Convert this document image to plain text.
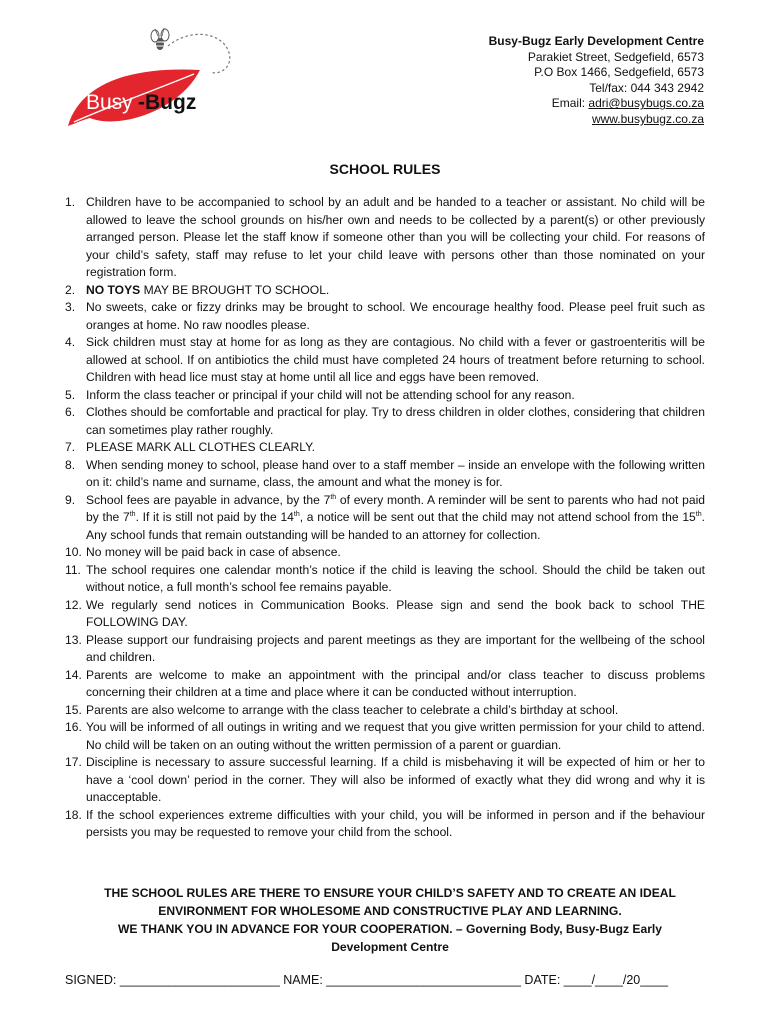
Busy -Bugz
Busy-Bugz Early Development Centre
Parakiet Street, Sedgefield, 6573
P.O Box 1466, Sedgefield, 6573
Tel/fax: 044 343 2942
Email: adri@busybugs.co.za
www.busybugz.co.za
SCHOOL RULES
1. Children have to be accompanied to school by an adult and be handed to a teacher or assistant. No child will be allowed to leave the school grounds on his/her own and needs to be collected by a parent(s) or other previously arranged person. Please let the staff know if someone other than you will be collecting your child. For reasons of your child’s safety, staff may refuse to let your child leave with persons other than those nominated on your registration form.
2. NO TOYS MAY BE BROUGHT TO SCHOOL.
3. No sweets, cake or fizzy drinks may be brought to school. We encourage healthy food. Please peel fruit such as oranges at home. No raw noodles please.
4. Sick children must stay at home for as long as they are contagious. No child with a fever or gastroenteritis will be allowed at school. If on antibiotics the child must have completed 24 hours of treatment before returning to school. Children with head lice must stay at home until all lice and eggs have been removed.
5. Inform the class teacher or principal if your child will not be attending school for any reason.
6. Clothes should be comfortable and practical for play. Try to dress children in older clothes, considering that children can sometimes play rather roughly.
7. PLEASE MARK ALL CLOTHES CLEARLY.
8. When sending money to school, please hand over to a staff member – inside an envelope with the following written on it: child’s name and surname, class, the amount and what the money is for.
9. School fees are payable in advance, by the 7th of every month. A reminder will be sent to parents who had not paid by the 7th. If it is still not paid by the 14th, a notice will be sent out that the child may not attend school from the 15th. Any school funds that remain outstanding will be handed to an attorney for collection.
10. No money will be paid back in case of absence.
11. The school requires one calendar month’s notice if the child is leaving the school. Should the child be taken out without notice, a full month’s school fee remains payable.
12. We regularly send notices in Communication Books. Please sign and send the book back to school THE FOLLOWING DAY.
13. Please support our fundraising projects and parent meetings as they are important for the wellbeing of the school and children.
14. Parents are welcome to make an appointment with the principal and/or class teacher to discuss problems concerning their children at a time and place where it can be conducted without interruption.
15. Parents are also welcome to arrange with the class teacher to celebrate a child’s birthday at school.
16. You will be informed of all outings in writing and we request that you give written permission for your child to attend. No child will be taken on an outing without the written permission of a parent or guardian.
17. Discipline is necessary to assure successful learning. If a child is misbehaving it will be expected of him or her to have a ‘cool down’ period in the corner. They will also be informed of exactly what they did wrong and why it is unacceptable.
18. If the school experiences extreme difficulties with your child, you will be informed in person and if the behaviour persists you may be requested to remove your child from the school.
THE SCHOOL RULES ARE THERE TO ENSURE YOUR CHILD’S SAFETY AND TO CREATE AN IDEAL ENVIRONMENT FOR WHOLESOME AND CONSTRUCTIVE PLAY AND LEARNING.
WE THANK YOU IN ADVANCE FOR YOUR COOPERATION. – Governing Body, Busy-Bugz Early Development Centre
SIGNED: _______________________ NAME: ____________________________ DATE: ____/____/20____
